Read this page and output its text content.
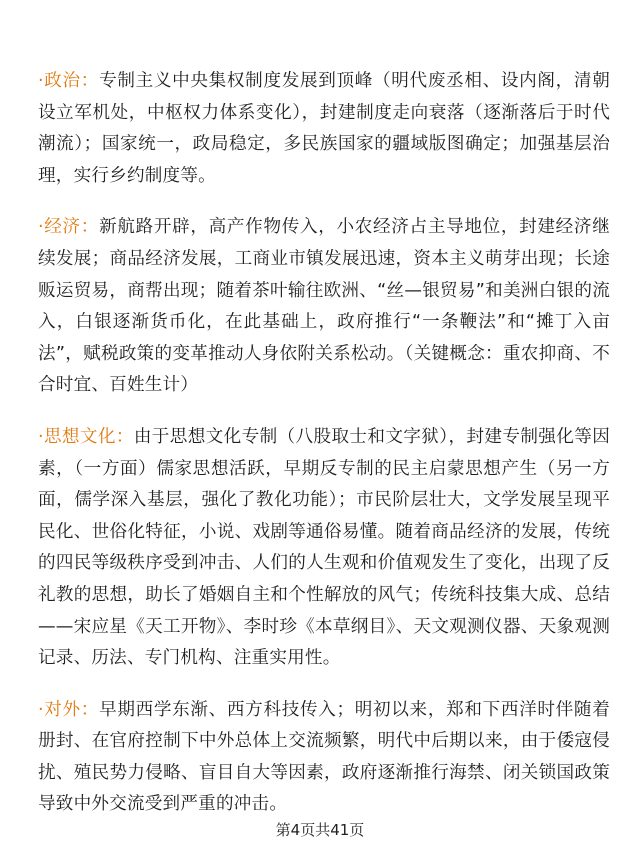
·政治：专制主义中央集权制度发展到顶峰（明代废丞相、设内阁，清朝设立军机处，中枢权力体系变化），封建制度走向衰落（逐渐落后于时代潮流）；国家统一，政局稳定，多民族国家的疆域版图确定；加强基层治理，实行乡约制度等。

·经济：新航路开辟，高产作物传入，小农经济占主导地位，封建经济继续发展；商品经济发展，工商业市镇发展迅速，资本主义萌芽出现；长途贩运贸易，商帮出现；随着茶叶输往欧洲、“丝—银贸易”和美洲白银的流入，白银逐渐货币化，在此基础上，政府推行“一条鞭法”和“摊丁入亩法”，赋税政策的变革推动人身依附关系松动。（关键概念：重农抑商、不合时宜、百姓生计）

·思想文化：由于思想文化专制（八股取士和文字狱），封建专制强化等因素，（一方面）儒家思想活跃，早期反专制的民主启蒙思想产生（另一方面，儒学深入基层，强化了教化功能）；市民阶层壮大，文学发展呈现平民化、世俗化特征，小说、戏剧等通俗易懂。随着商品经济的发展，传统的四民等级秩序受到冲击、人们的人生观和价值观发生了变化，出现了反礼教的思想，助长了婚姻自主和个性解放的风气；传统科技集大成、总结——宋应星《天工开物》、李时珍《本草纲目》、天文观测仪器、天象观测记录、历法、专门机构、注重实用性。

·对外：早期西学东渐、西方科技传入；明初以来，郑和下西洋时伴随着册封、在官府控制下中外总体上交流频繁，明代中后期以来，由于倭寇侵扰、殖民势力侵略、盲目自大等因素，政府逐渐推行海禁、闭关锁国政策导致中外交流受到严重的冲击。

第4页共41页
